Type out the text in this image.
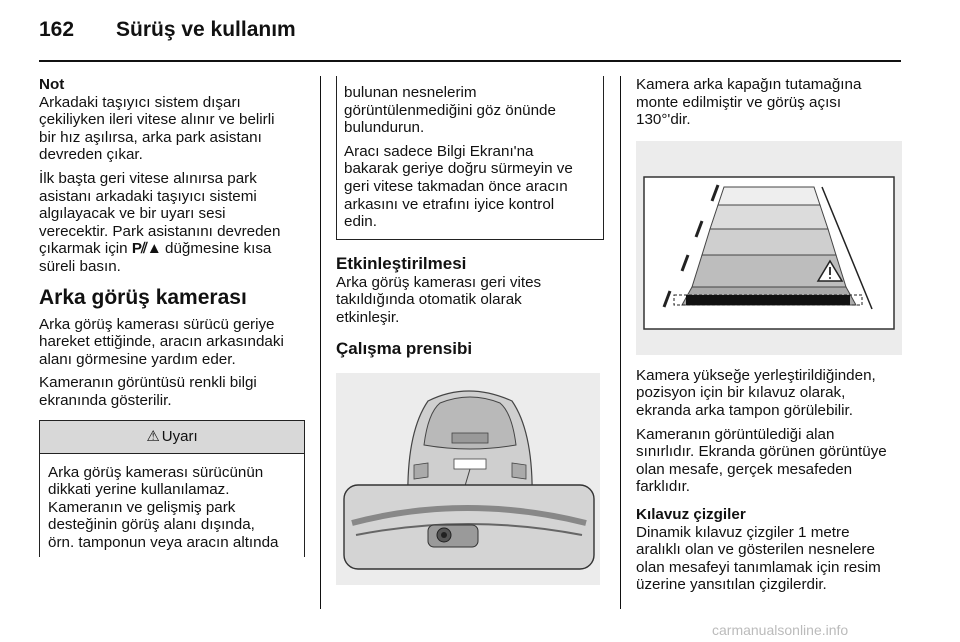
162 Sürüş ve kullanım
Not
Arkadaki taşıyıcı sistem dışarı
çekiliyken ileri vitese alınır ve belirli
bir hız aşılırsa, arka park asistanı
devreden çıkar.
İlk başta geri vitese alınırsa park
asistanı arkadaki taşıyıcı sistemi
algılayacak ve bir uyarı sesi
verecektir. Park asistanını devreden
çıkarmak için P⫽▲ düğmesine kısa
süreli basın.
Arka görüş kamerası
Arka görüş kamerası sürücü geriye
hareket ettiğinde, aracın arkasındaki
alanı görmesine yardım eder.
Kameranın görüntüsü renkli bilgi
ekranında gösterilir.
⚠ Uyarı
Arka görüş kamerası sürücünün
dikkati yerine kullanılamaz.
Kameranın ve gelişmiş park
desteğinin görüş alanı dışında,
örn. tamponun veya aracın altında
bulunan nesnelerim
görüntülenmediğini göz önünde
bulundurun.
Aracı sadece Bilgi Ekranı'na
bakarak geriye doğru sürmeyin ve
geri vitese takmadan önce aracın
arkasını ve etrafını iyice kontrol
edin.
Etkinleştirilmesi
Arka görüş kamerası geri vites
takıldığında otomatik olarak
etkinleşir.
Çalışma prensibi
Kamera arka kapağın tutamağına
monte edilmiştir ve görüş açısı
130°'dir.
Kamera yükseğe yerleştirildiğinden,
pozisyon için bir kılavuz olarak,
ekranda arka tampon görülebilir.
Kameranın görüntülediği alan
sınırlıdır. Ekranda görünen görüntüye
olan mesafe, gerçek mesafeden
farklıdır.
Kılavuz çizgiler
Dinamik kılavuz çizgiler 1 metre
aralıklı olan ve gösterilen nesnelere
olan mesafeyi tanımlamak için resim
üzerine yansıtılan çizgilerdir.
carmanualsonline.info
